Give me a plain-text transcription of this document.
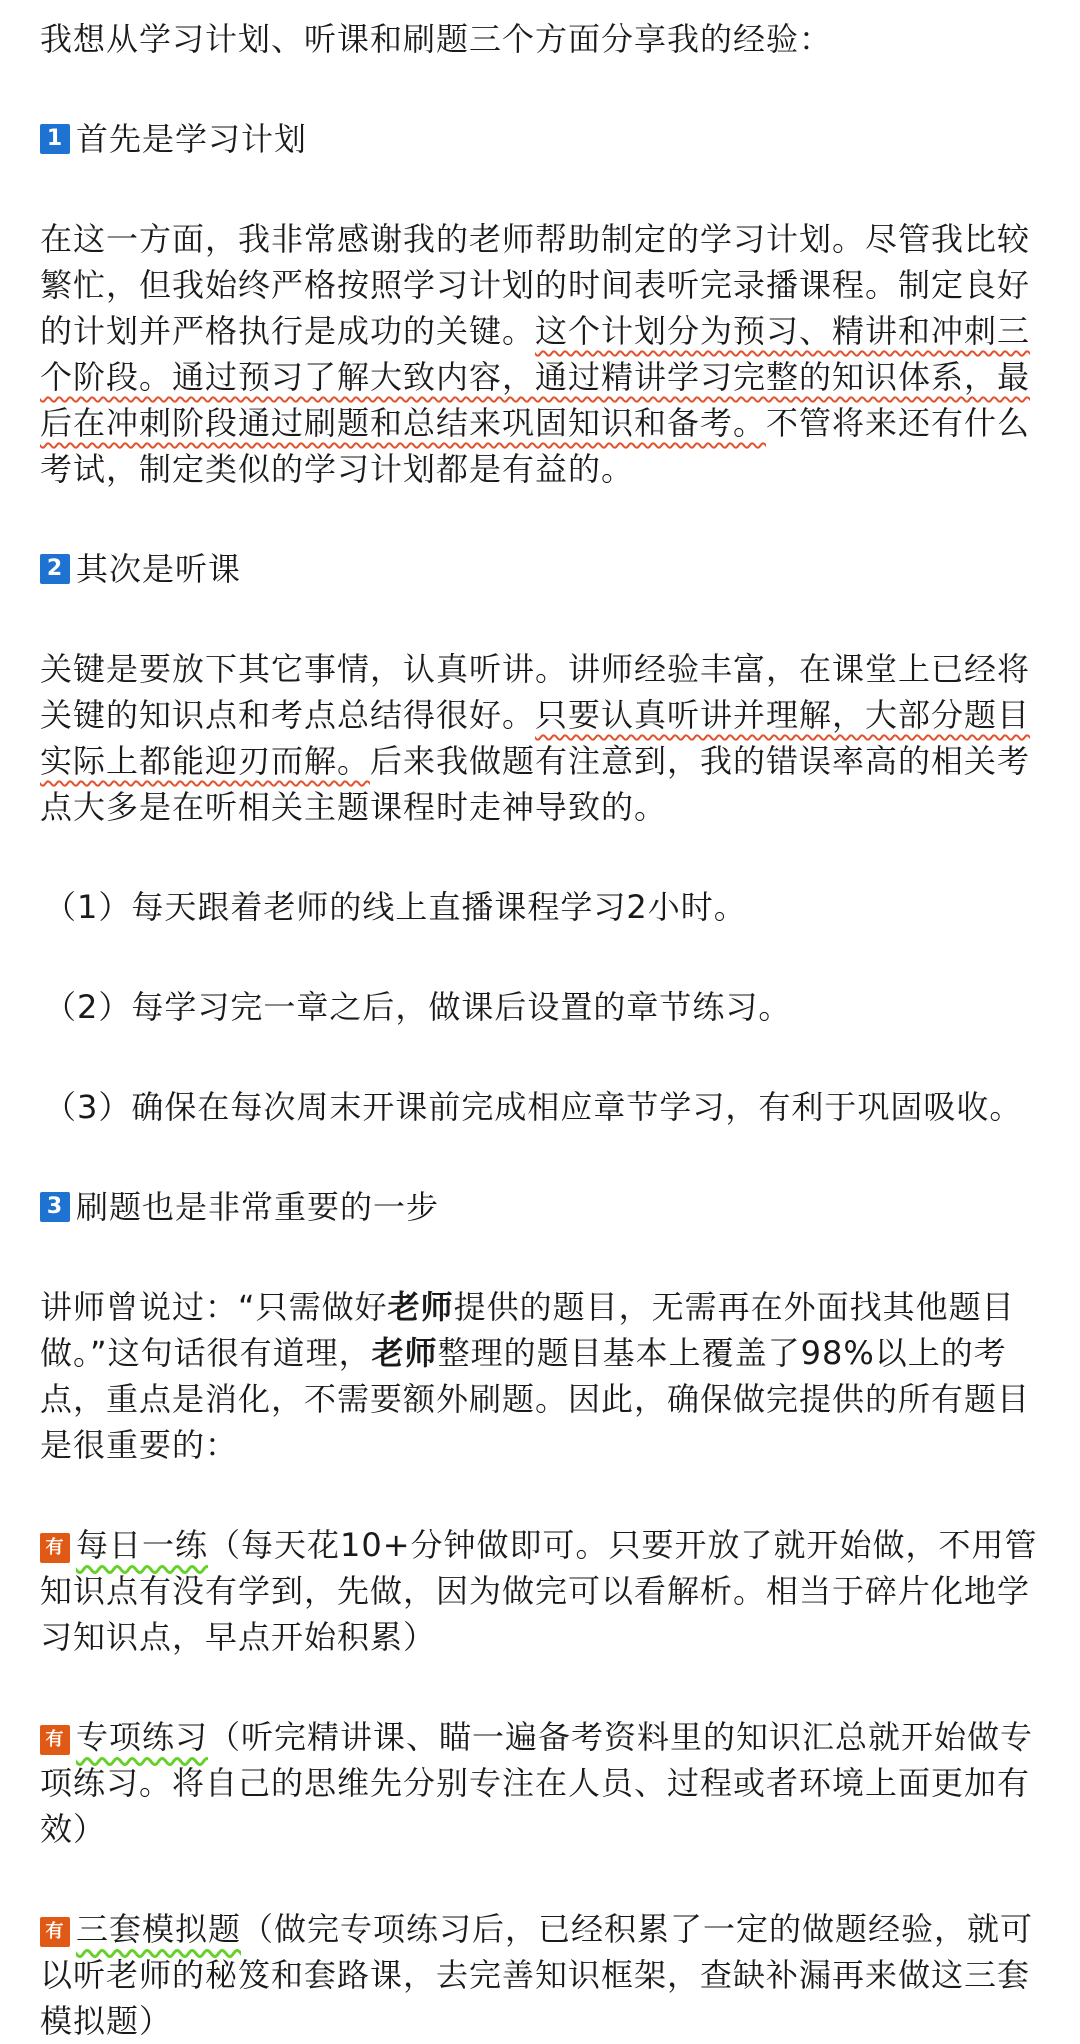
我想从学习计划、听课和刷题三个方面分享我的经验：

1 首先是学习计划

在这一方面，我非常感谢我的老师帮助制定的学习计划。尽管我比较繁忙，但我始终严格按照学习计划的时间表听完录播课程。制定良好的计划并严格执行是成功的关键。这个计划分为预习、精讲和冲刺三个阶段。通过预习了解大致内容，通过精讲学习完整的知识体系，最后在冲刺阶段通过刷题和总结来巩固知识和备考。不管将来还有什么考试，制定类似的学习计划都是有益的。

2 其次是听课

关键是要放下其它事情，认真听讲。讲师经验丰富，在课堂上已经将关键的知识点和考点总结得很好。只要认真听讲并理解，大部分题目实际上都能迎刃而解。后来我做题有注意到，我的错误率高的相关考点大多是在听相关主题课程时走神导致的。

（1）每天跟着老师的线上直播课程学习2小时。
（2）每学习完一章之后，做课后设置的章节练习。
（3）确保在每次周末开课前完成相应章节学习，有利于巩固吸收。
3 刷题也是非常重要的一步

讲师曾说过：“只需做好老师提供的题目，无需再在外面找其他题目做。”这句话很有道理，老师整理的题目基本上覆盖了98%以上的考点，重点是消化，不需要额外刷题。因此，确保做完提供的所有题目是很重要的：

有 每日一练（每天花10+分钟做即可。只要开放了就开始做，不用管知识点有没有学到，先做，因为做完可以看解析。相当于碎片化地学习知识点，早点开始积累）

有 专项练习（听完精讲课、瞄一遍备考资料里的知识汇总就开始做专项练习。将自己的思维先分别专注在人员、过程或者环境上面更加有效）

有 三套模拟题（做完专项练习后，已经积累了一定的做题经验，就可以听老师的秘笈和套路课，去完善知识框架，查缺补漏再来做这三套模拟题）
